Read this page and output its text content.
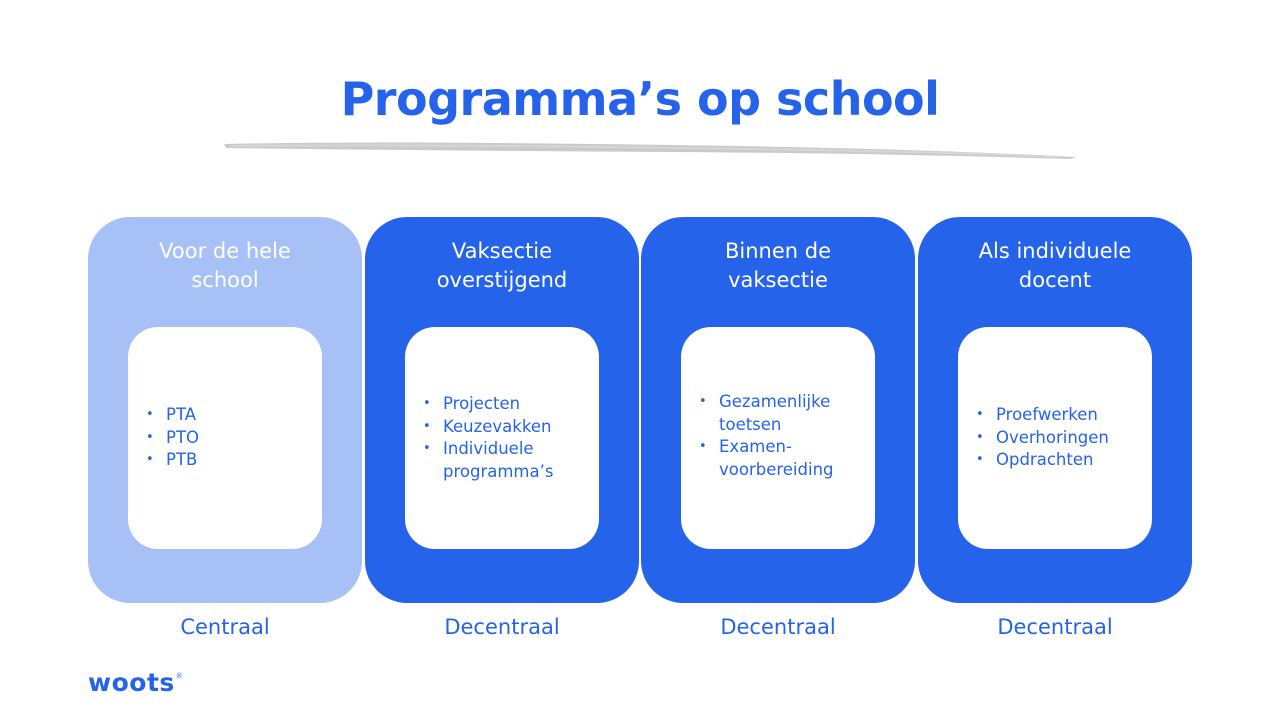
Programma’s op school

Voor de hele
school

• PTA
• PTO
• PTB

Vaksectie
overstijgend

• Projecten
• Keuzevakken
• Individuele
programma’s

Binnen de
vaksectie

• Gezamenlijke
toetsen
• Examen-
voorbereiding

Als individuele
docent

• Proefwerken
• Overhoringen
• Opdrachten
Centraal	Decentraal	Decentraal	Decentraal
woots®
